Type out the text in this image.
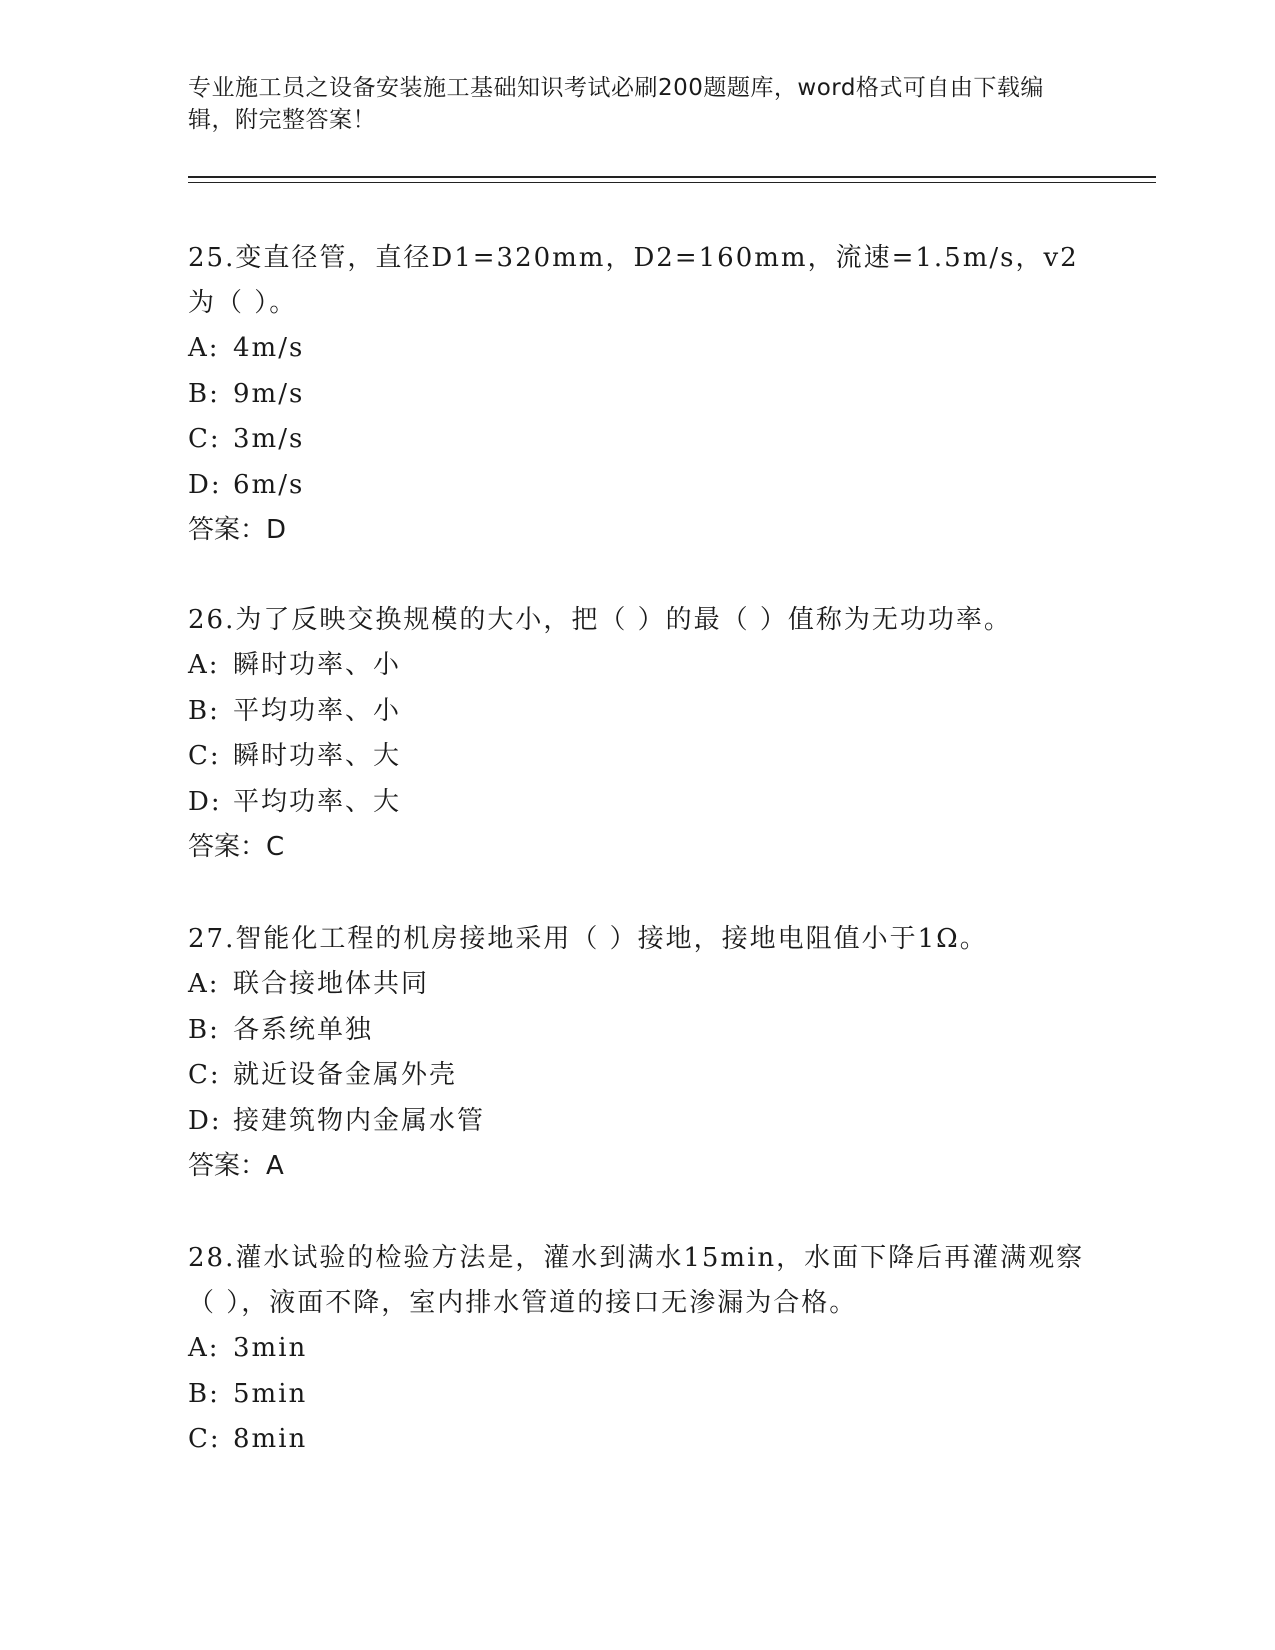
专业施工员之设备安装施工基础知识考试必刷200题题库，word格式可自由下载编辑，附完整答案！

25.变直径管，直径D1=320mm，D2=160mm，流速=1.5m/s，v2为（ ）。

A: 4m/s
B: 9m/s
C: 3m/s
D: 6m/s
答案：D

26.为了反映交换规模的大小，把（ ）的最（ ）值称为无功功率。

A: 瞬时功率、小
B: 平均功率、小
C: 瞬时功率、大
D: 平均功率、大
答案：C

27.智能化工程的机房接地采用（ ）接地，接地电阻值小于1Ω。

A: 联合接地体共同
B: 各系统单独
C: 就近设备金属外壳
D: 接建筑物内金属水管
答案：A

28.灌水试验的检验方法是，灌水到满水15min，水面下降后再灌满观察（ ），液面不降，室内排水管道的接口无渗漏为合格。

A: 3min
B: 5min
C: 8min
